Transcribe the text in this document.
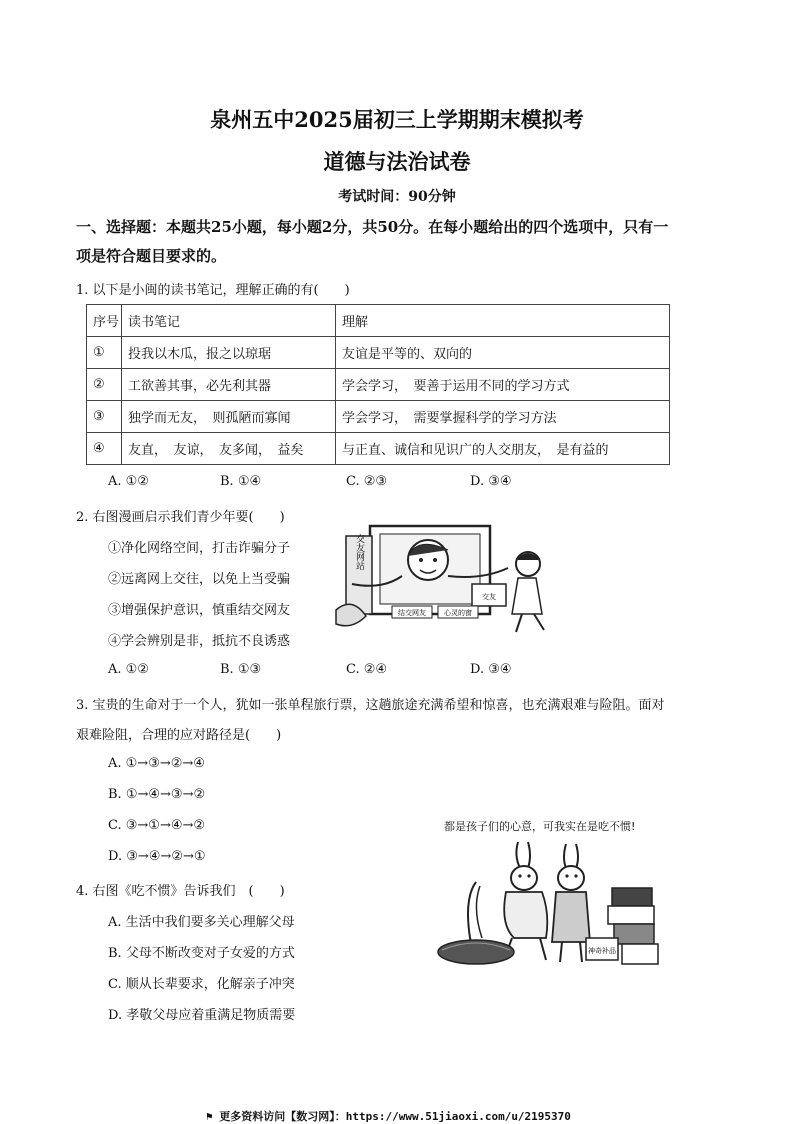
泉州五中2025届初三上学期期末模拟考
道德与法治试卷
考试时间：90分钟
一、选择题：本题共25小题，每小题2分，共50分。在每小题给出的四个选项中，只有一
项是符合题目要求的。
1. 以下是小闽的读书笔记，理解正确的有(　　)
序号	读书笔记	理解
①	投我以木瓜，报之以琼琚	友谊是平等的、双向的
②	工欲善其事，必先利其器	学会学习，　要善于运用不同的学习方式
③	独学而无友，　则孤陋而寡闻	学会学习，　需要掌握科学的学习方法
④	友直，　友谅，　友多闻，　益矣	与正直、诚信和见识广的人交朋友，　是有益的
A. ①②	B. ①④	C. ②③	D. ③④
2. 右图漫画启示我们青少年要(　　)
①净化网络空间，打击诈骗分子
②远离网上交往，以免上当受骗
③增强保护意识，慎重结交网友
④学会辨别是非，抵抗不良诱惑
A. ①②	B. ①③	C. ②④	D. ③④
交友网站
交友
结交网友	心灵的窗
3. 宝贵的生命对于一个人，犹如一张单程旅行票，这趟旅途充满希望和惊喜，也充满艰难与险阻。面对
艰难险阻，合理的应对路径是(　　)
A. ①→③→②→④
B. ①→④→③→②
C. ③→①→④→②
D. ③→④→②→①
4. 右图《吃不惯》告诉我们　(　　)
A. 生活中我们要多关心理解父母
B. 父母不断改变对子女爱的方式
C. 顺从长辈要求，化解亲子冲突
D. 孝敬父母应着重满足物质需要
都是孩子们的心意，可我实在是吃不惯!
神奇补品
⚑ 更多资料访问【数习网】：https://www.51jiaoxi.com/u/2195370
